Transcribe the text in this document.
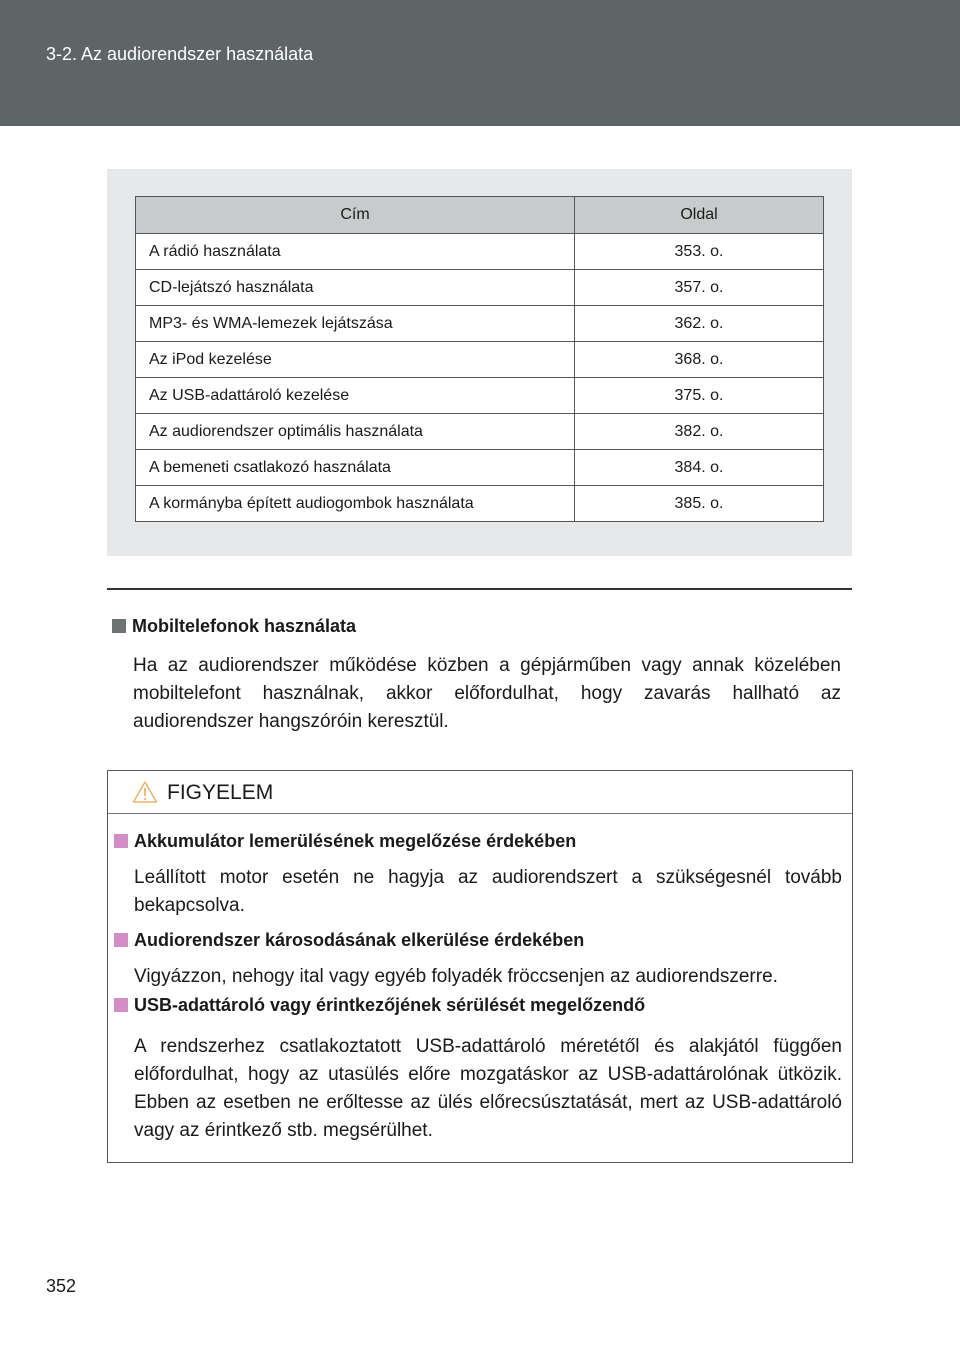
3-2. Az audiorendszer használata
Cím	Oldal
A rádió használata	353. o.
CD-lejátszó használata	357. o.
MP3- és WMA-lemezek lejátszása	362. o.
Az iPod kezelése	368. o.
Az USB-adattároló kezelése	375. o.
Az audiorendszer optimális használata	382. o.
A bemeneti csatlakozó használata	384. o.
A kormányba épített audiogombok használata	385. o.
Mobiltelefonok használata
Ha az audiorendszer működése közben a gépjárműben vagy annak közelében mobiltelefont használnak, akkor előfordulhat, hogy zavarás hallható az audiorendszer hangszóróin keresztül.
FIGYELEM
Akkumulátor lemerülésének megelőzése érdekében
Leállított motor esetén ne hagyja az audiorendszert a szükségesnél tovább bekapcsolva.
Audiorendszer károsodásának elkerülése érdekében
Vigyázzon, nehogy ital vagy egyéb folyadék fröccsenjen az audiorendszerre.
USB-adattároló vagy érintkezőjének sérülését megelőzendő
A rendszerhez csatlakoztatott USB-adattároló méretétől és alakjától függően előfordulhat, hogy az utasülés előre mozgatáskor az USB-adattárolónak ütközik. Ebben az esetben ne erőltesse az ülés előrecsúsztatását, mert az USB-adattároló vagy az érintkező stb. megsérülhet.
352
